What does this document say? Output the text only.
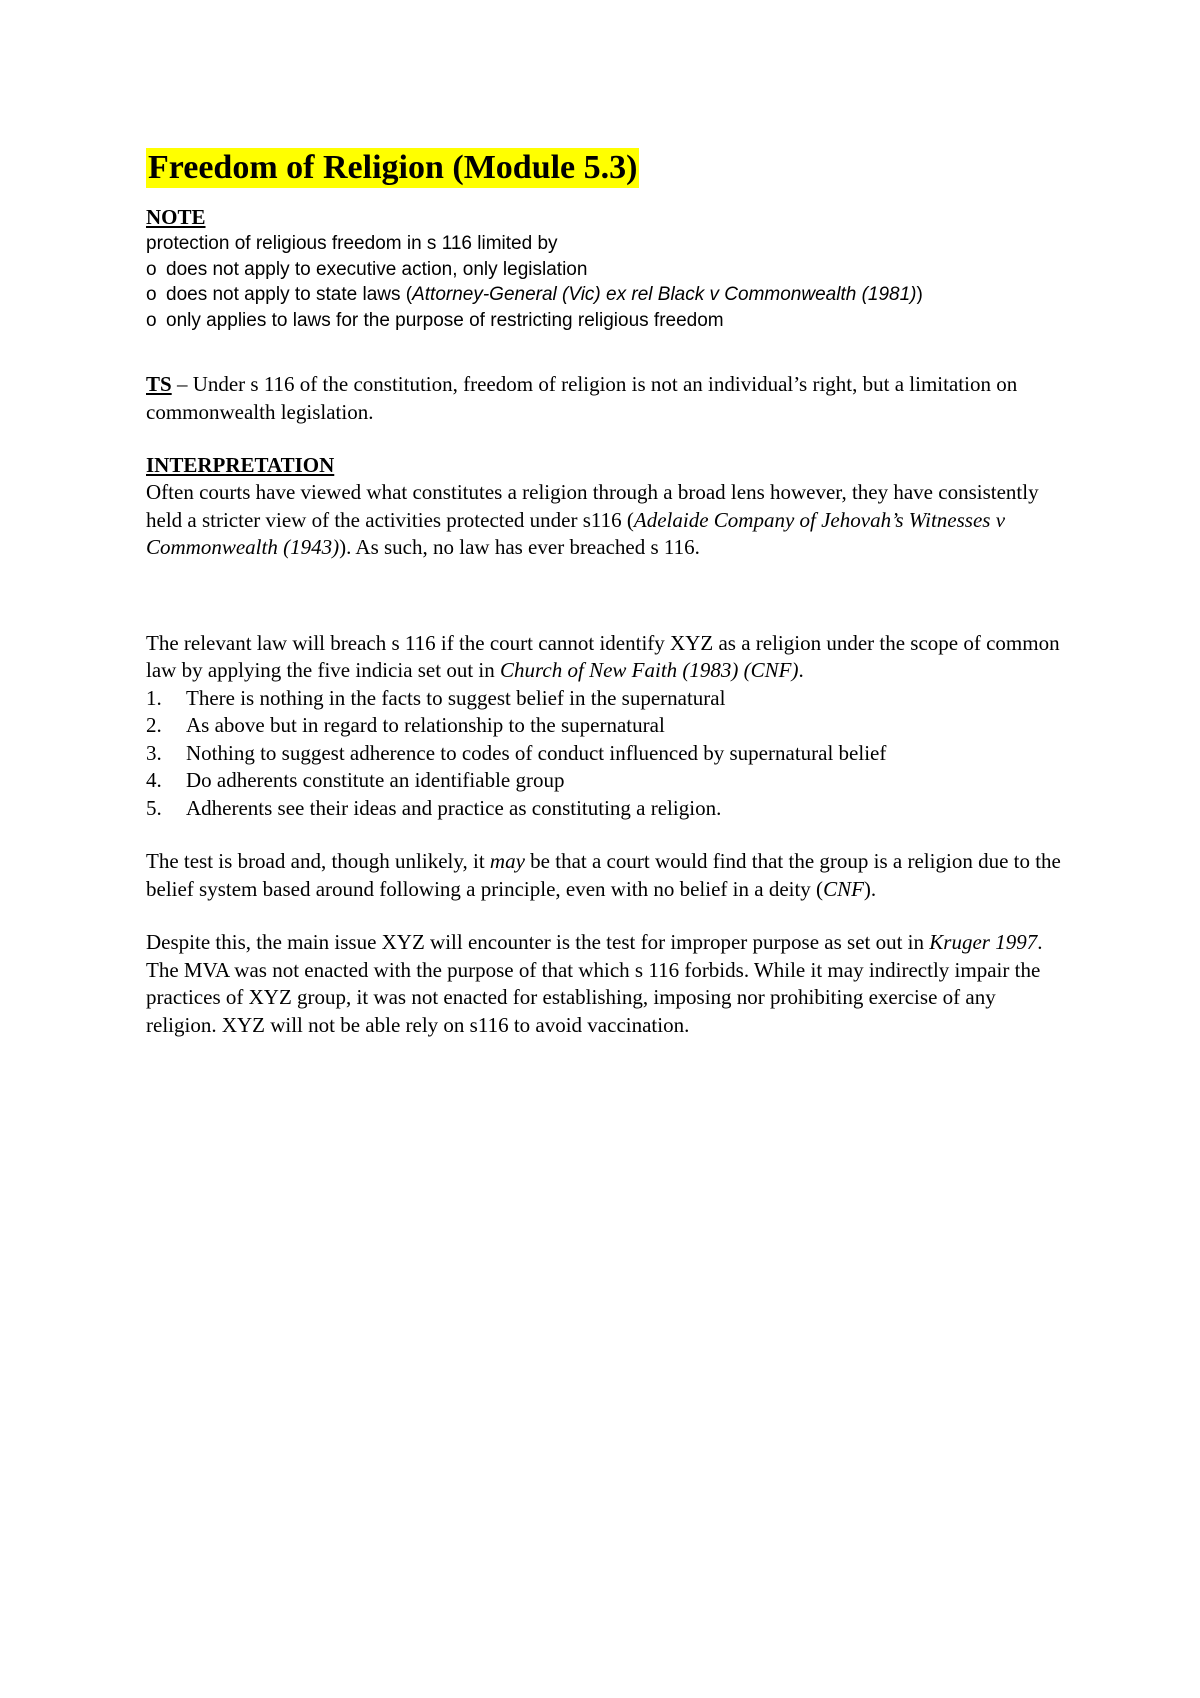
Freedom of Religion (Module 5.3)
NOTE
protection of religious freedom in s 116 limited by
o does not apply to executive action, only legislation
o does not apply to state laws (Attorney-General (Vic) ex rel Black v Commonwealth (1981))
o only applies to laws for the purpose of restricting religious freedom
TS – Under s 116 of the constitution, freedom of religion is not an individual’s right, but a limitation on commonwealth legislation.
INTERPRETATION
Often courts have viewed what constitutes a religion through a broad lens however, they have consistently held a stricter view of the activities protected under s116 (Adelaide Company of Jehovah’s Witnesses v Commonwealth (1943)). As such, no law has ever breached s 116.
The relevant law will breach s 116 if the court cannot identify XYZ as a religion under the scope of common law by applying the five indicia set out in Church of New Faith (1983) (CNF).
1. There is nothing in the facts to suggest belief in the supernatural
2. As above but in regard to relationship to the supernatural
3. Nothing to suggest adherence to codes of conduct influenced by supernatural belief
4. Do adherents constitute an identifiable group
5. Adherents see their ideas and practice as constituting a religion.
The test is broad and, though unlikely, it may be that a court would find that the group is a religion due to the belief system based around following a principle, even with no belief in a deity (CNF).
Despite this, the main issue XYZ will encounter is the test for improper purpose as set out in Kruger 1997. The MVA was not enacted with the purpose of that which s 116 forbids. While it may indirectly impair the practices of XYZ group, it was not enacted for establishing, imposing nor prohibiting exercise of any religion. XYZ will not be able rely on s116 to avoid vaccination.
